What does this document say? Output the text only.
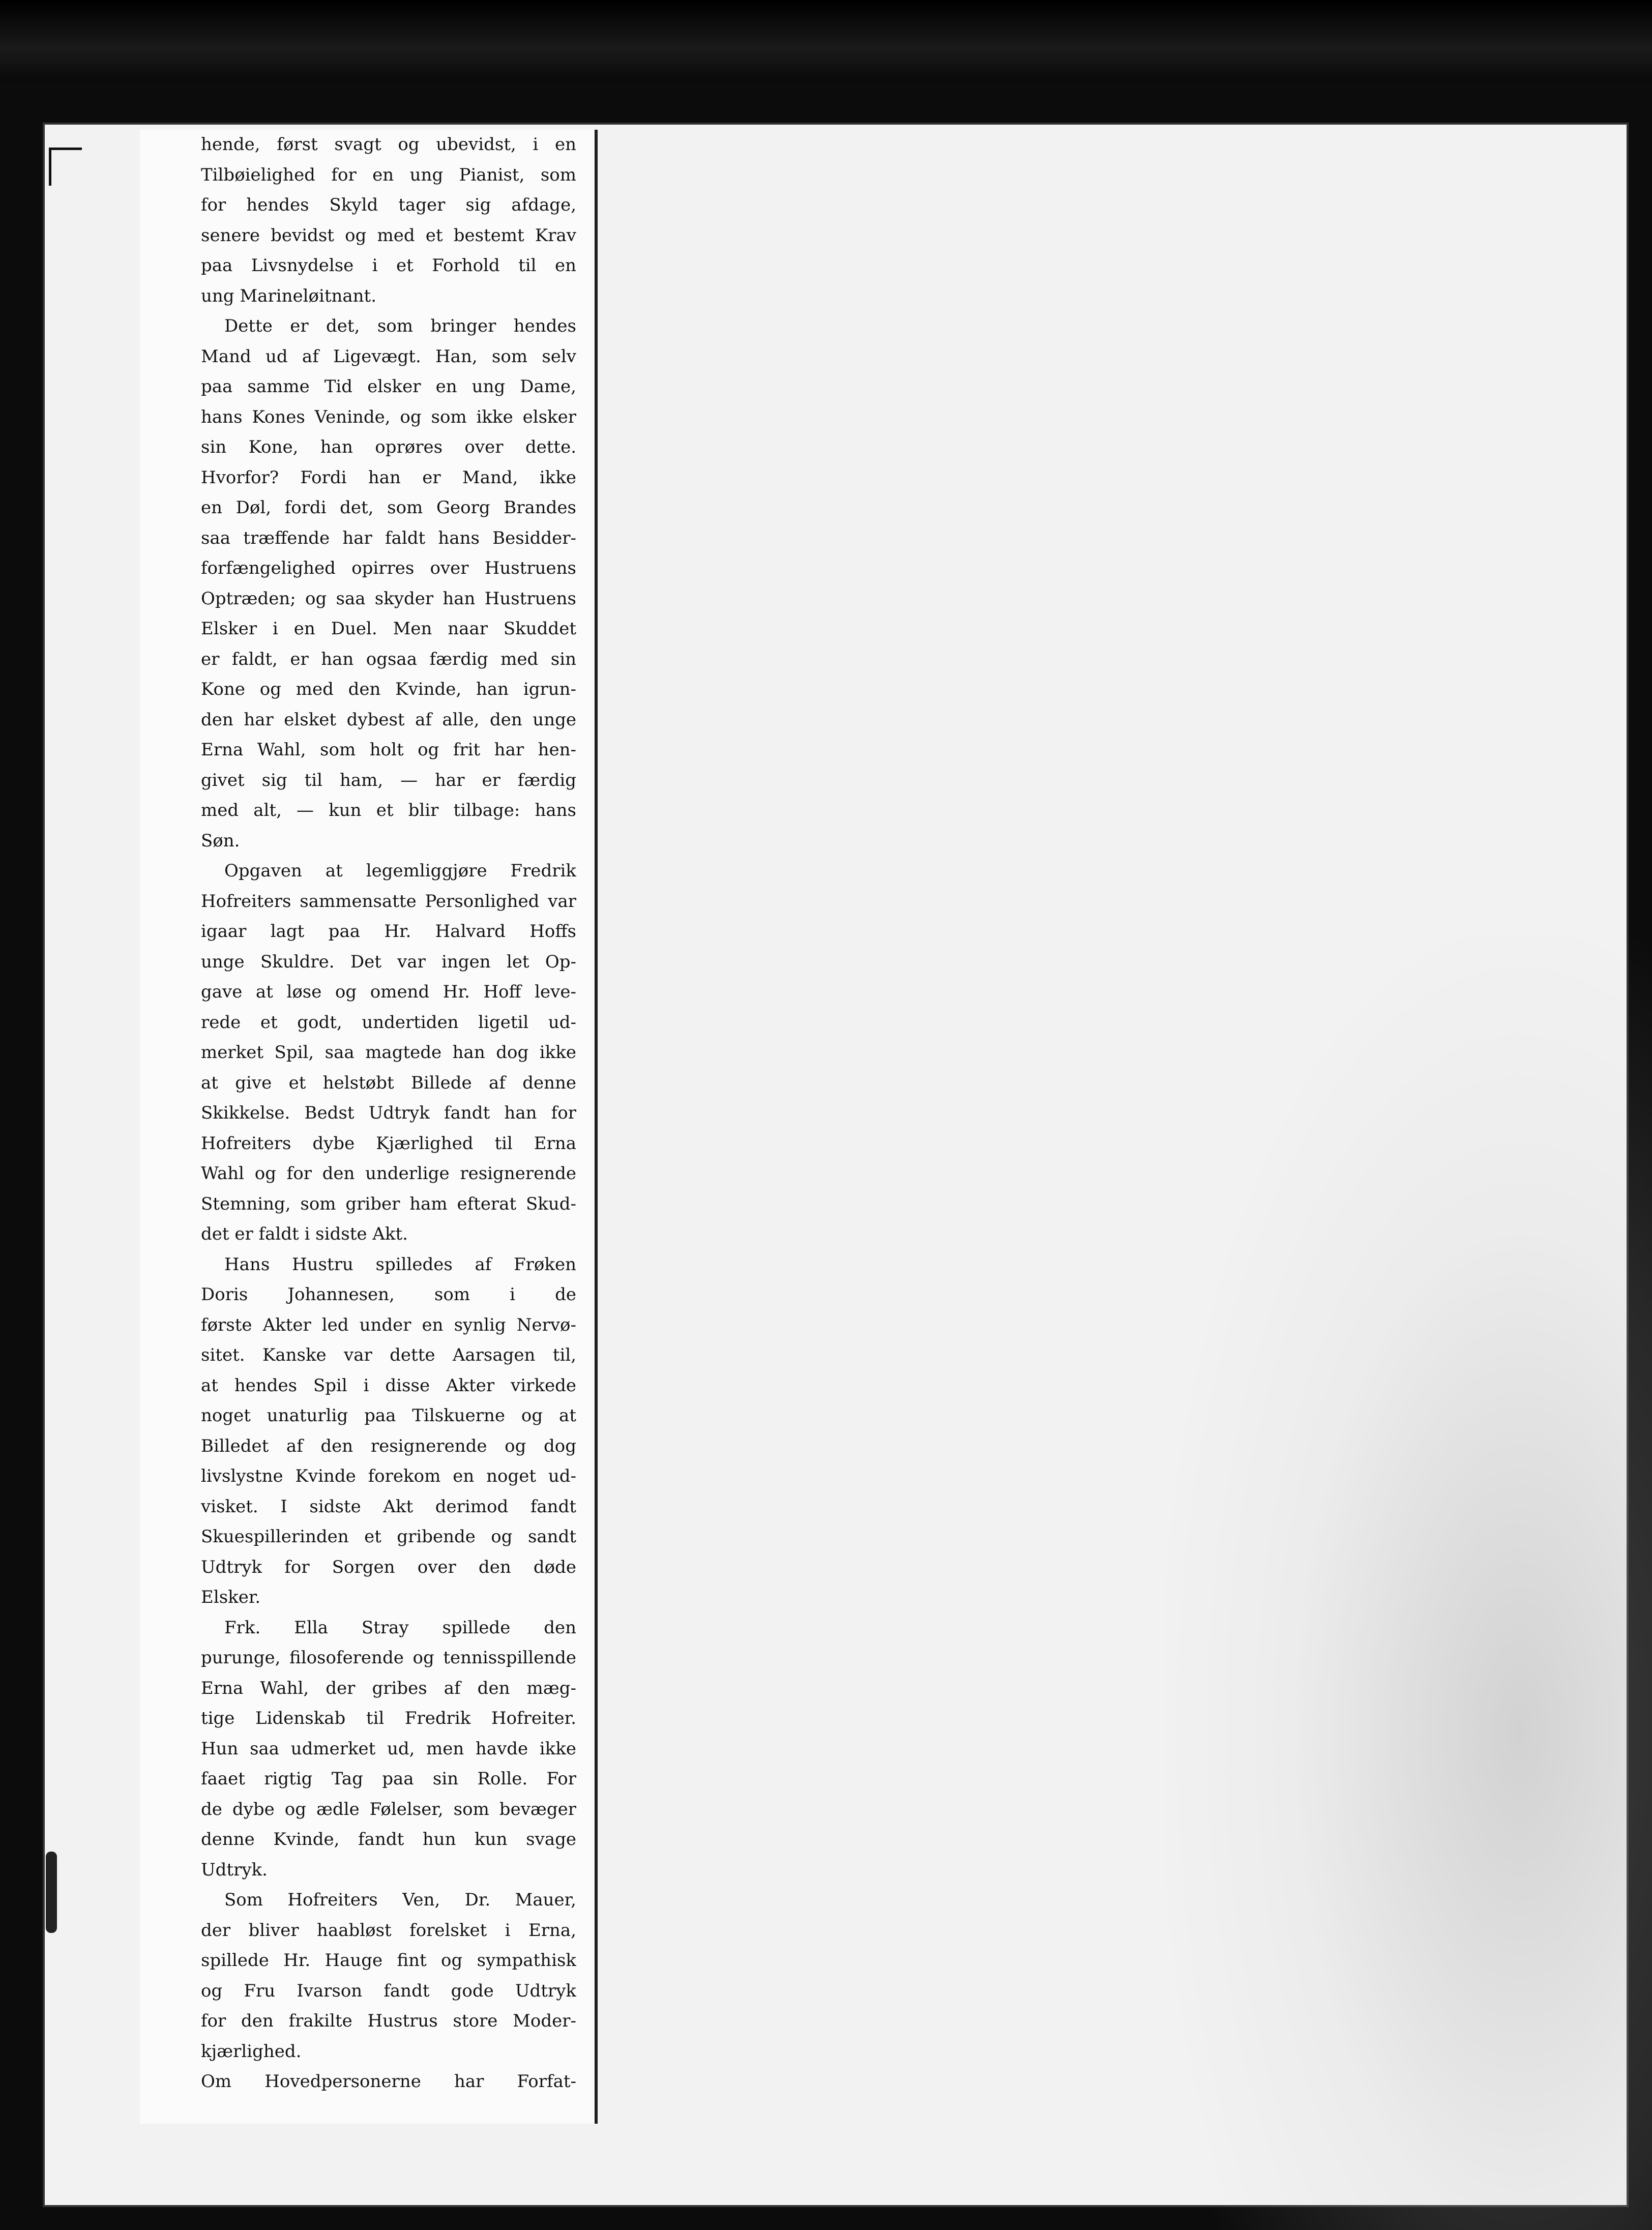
hende, først svagt og ubevidst, i en
Tilbøielighed for en ung Pianist, som
for hendes Skyld tager sig afdage,
senere bevidst og med et bestemt Krav
paa Livsnydelse i et Forhold til en
ung Marineløitnant.
Dette er det, som bringer hendes
Mand ud af Ligevægt. Han, som selv
paa samme Tid elsker en ung Dame,
hans Kones Veninde, og som ikke elsker
sin Kone, han oprøres over dette.
Hvorfor? Fordi han er Mand, ikke
en Døl, fordi det, som Georg Brandes
saa træffende har faldt hans Besidder-
forfængelighed opirres over Hustruens
Optræden; og saa skyder han Hustruens
Elsker i en Duel. Men naar Skuddet
er faldt, er han ogsaa færdig med sin
Kone og med den Kvinde, han igrun-
den har elsket dybest af alle, den unge
Erna Wahl, som holt og frit har hen-
givet sig til ham, — har er færdig
med alt, — kun et blir tilbage: hans
Søn.
Opgaven at legemliggjøre Fredrik
Hofreiters sammensatte Personlighed var
igaar lagt paa Hr. Halvard Hoffs
unge Skuldre. Det var ingen let Op-
gave at løse og omend Hr. Hoff leve-
rede et godt, undertiden ligetil ud-
merket Spil, saa magtede han dog ikke
at give et helstøbt Billede af denne
Skikkelse. Bedst Udtryk fandt han for
Hofreiters dybe Kjærlighed til Erna
Wahl og for den underlige resignerende
Stemning, som griber ham efterat Skud-
det er faldt i sidste Akt.
Hans Hustru spilledes af Frøken
Doris Johannesen, som i de
første Akter led under en synlig Nervø-
sitet. Kanske var dette Aarsagen til,
at hendes Spil i disse Akter virkede
noget unaturlig paa Tilskuerne og at
Billedet af den resignerende og dog
livslystne Kvinde forekom en noget ud-
visket. I sidste Akt derimod fandt
Skuespillerinden et gribende og sandt
Udtryk for Sorgen over den døde
Elsker.
Frk. Ella Stray spillede den
purunge, filosoferende og tennisspillende
Erna Wahl, der gribes af den mæg-
tige Lidenskab til Fredrik Hofreiter.
Hun saa udmerket ud, men havde ikke
faaet rigtig Tag paa sin Rolle. For
de dybe og ædle Følelser, som bevæger
denne Kvinde, fandt hun kun svage
Udtryk.
Som Hofreiters Ven, Dr. Mauer,
der bliver haabløst forelsket i Erna,
spillede Hr. Hauge fint og sympathisk
og Fru Ivarson fandt gode Udtryk
for den frakilte Hustrus store Moder-
kjærlighed.
Om Hovedpersonerne har Forfat-
